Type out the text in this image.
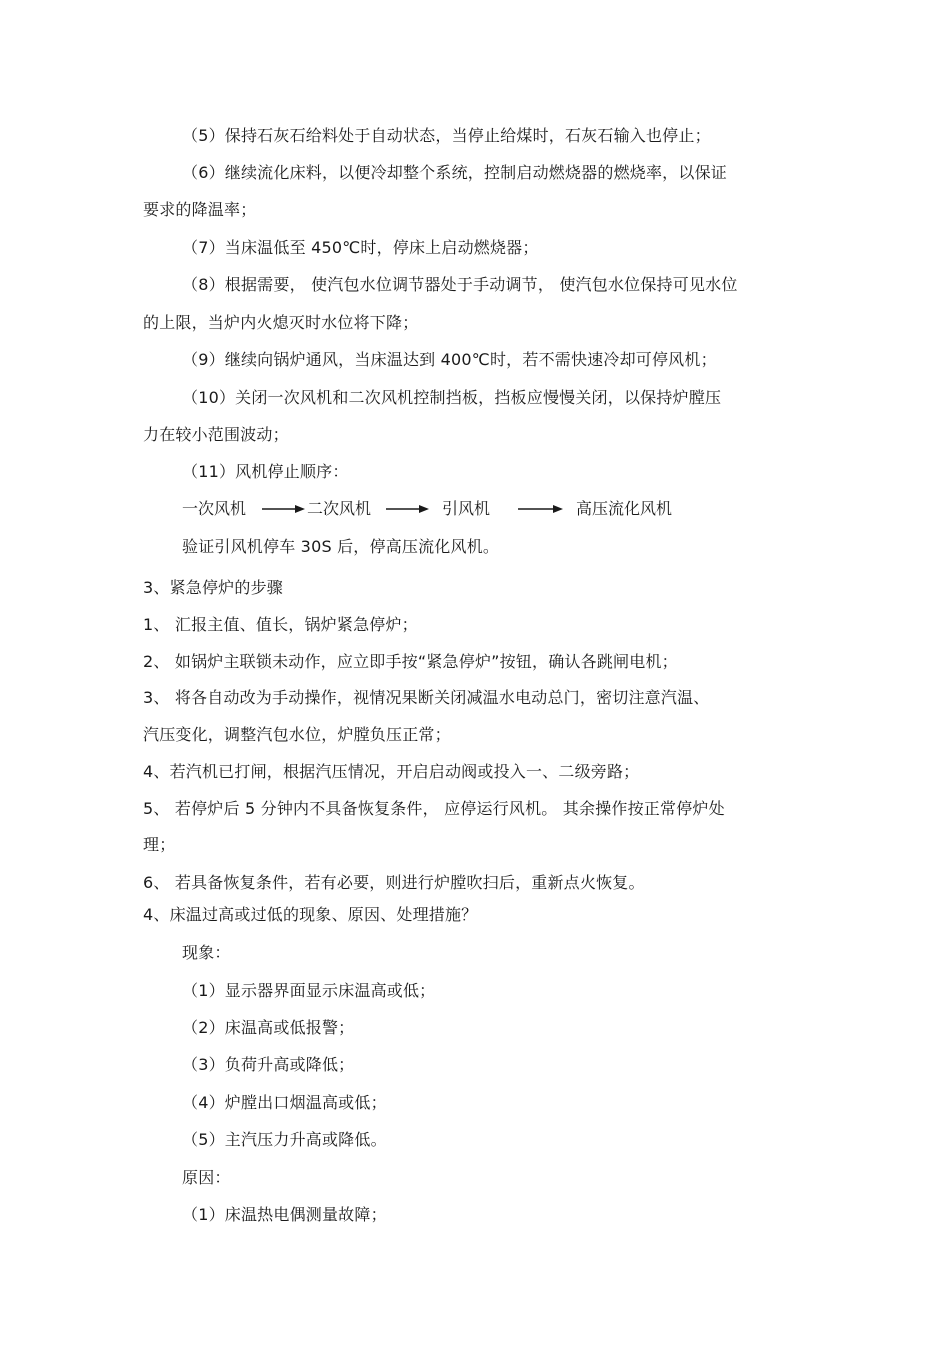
（5）保持石灰石给料处于自动状态，当停止给煤时，石灰石输入也停止；
（6）继续流化床料，以便冷却整个系统，控制启动燃烧器的燃烧率，以保证
要求的降温率；
（7）当床温低至 450℃时，停床上启动燃烧器；
（8）根据需要， 使汽包水位调节器处于手动调节， 使汽包水位保持可见水位
的上限，当炉内火熄灭时水位将下降；
（9）继续向锅炉通风，当床温达到 400℃时，若不需快速冷却可停风机；
（10）关闭一次风机和二次风机控制挡板，挡板应慢慢关闭，以保持炉膛压
力在较小范围波动；
（11）风机停止顺序：
一次风机	二次风机	引风机	高压流化风机
验证引风机停车 30S 后，停高压流化风机。
3、紧急停炉的步骤
1、 汇报主值、值长，锅炉紧急停炉；
2、 如锅炉主联锁未动作，应立即手按“紧急停炉”按钮，确认各跳闸电机；
3、 将各自动改为手动操作，视情况果断关闭减温水电动总门，密切注意汽温、
汽压变化，调整汽包水位，炉膛负压正常；
4、若汽机已打闸，根据汽压情况，开启启动阀或投入一、二级旁路；
5、 若停炉后 5 分钟内不具备恢复条件， 应停运行风机。 其余操作按正常停炉处
理；
6、 若具备恢复条件，若有必要，则进行炉膛吹扫后，重新点火恢复。
4、床温过高或过低的现象、原因、处理措施？
现象：
（1）显示器界面显示床温高或低；
（2）床温高或低报警；
（3）负荷升高或降低；
（4）炉膛出口烟温高或低；
（5）主汽压力升高或降低。
原因：
（1）床温热电偶测量故障；
